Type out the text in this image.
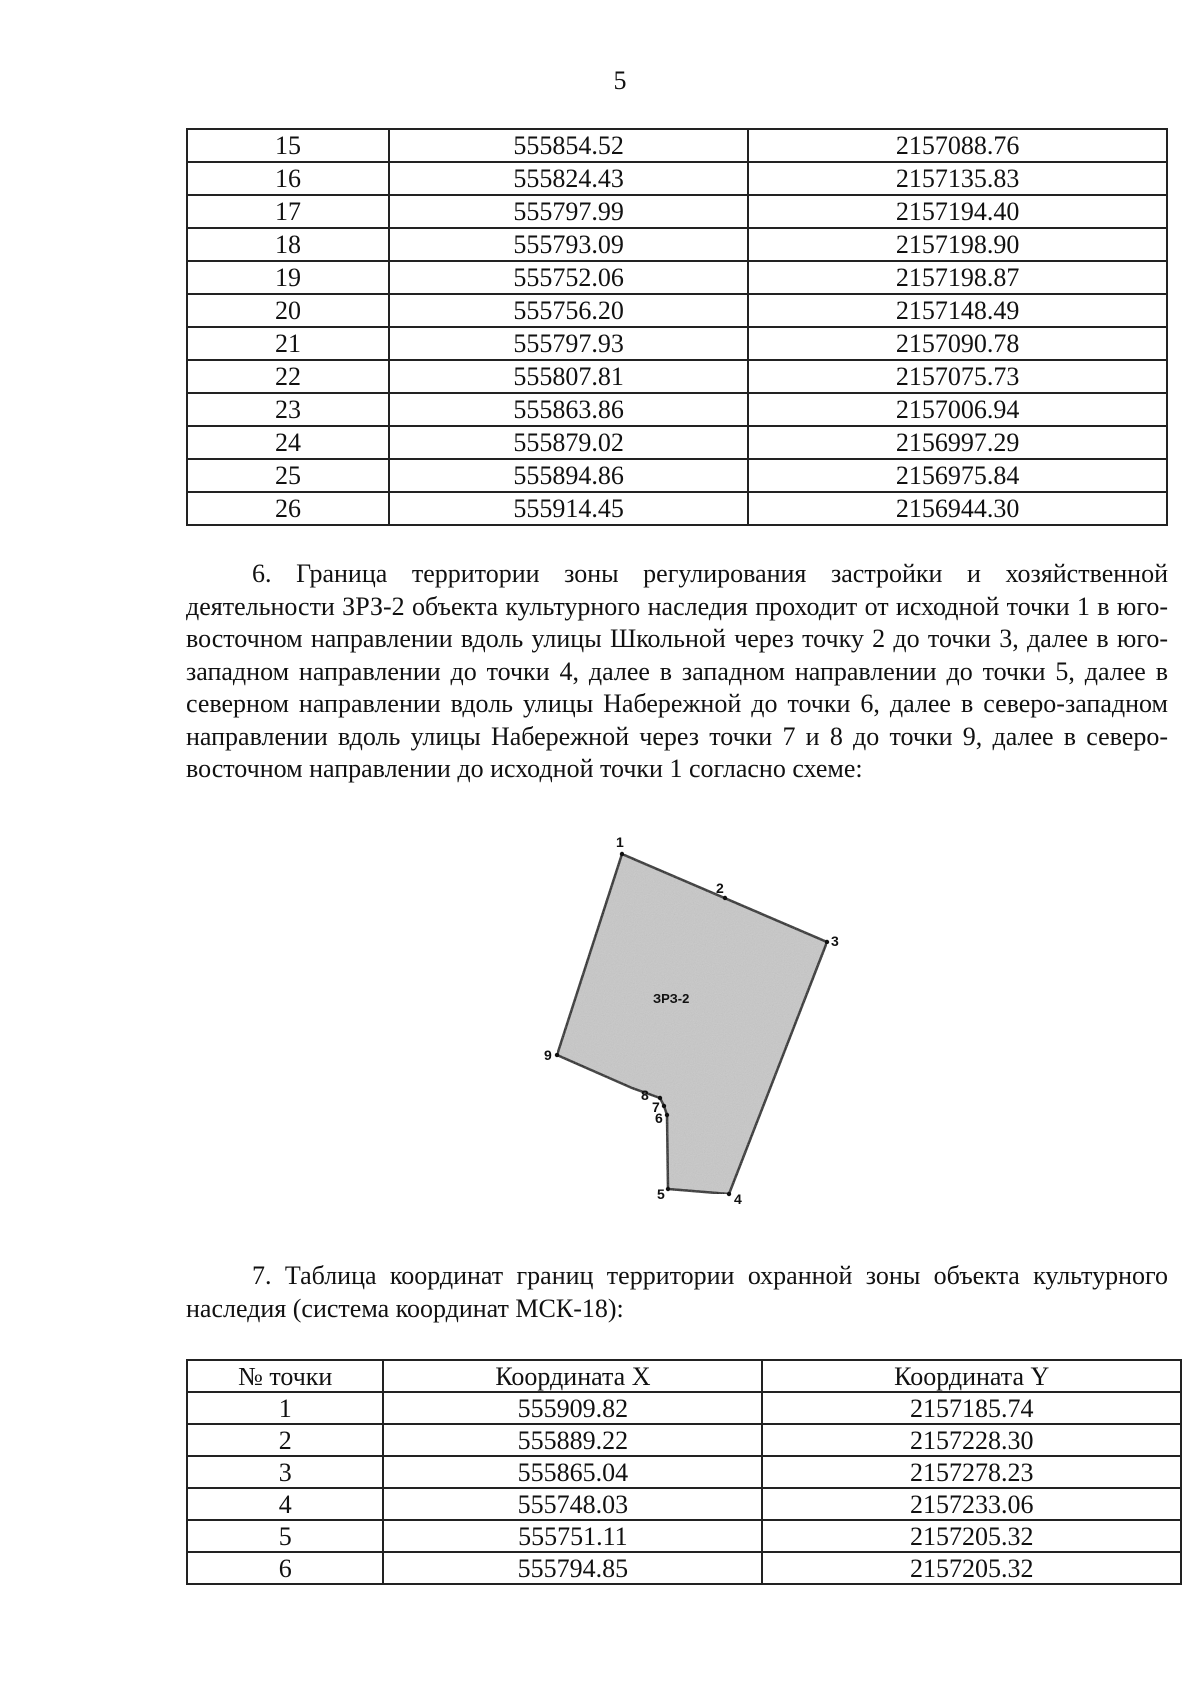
5
15	555854.52	2157088.76
16	555824.43	2157135.83
17	555797.99	2157194.40
18	555793.09	2157198.90
19	555752.06	2157198.87
20	555756.20	2157148.49
21	555797.93	2157090.78
22	555807.81	2157075.73
23	555863.86	2157006.94
24	555879.02	2156997.29
25	555894.86	2156975.84
26	555914.45	2156944.30

6. Граница территории зоны регулирования застройки и хозяйственной деятельности ЗРЗ-2 объекта культурного наследия проходит от исходной точки 1 в юго-восточном направлении вдоль улицы Школьной через точку 2 до точки 3, далее в юго-западном направлении до точки 4, далее в западном направлении до точки 5, далее в северном направлении вдоль улицы Набережной до точки 6, далее в северо-западном направлении вдоль улицы Набережной через точки 7 и 8 до точки 9, далее в северо-восточном направлении до исходной точки 1 согласно схеме:

1
2
3
4
5
6
7
8
9
ЗРЗ-2

7. Таблица координат границ территории охранной зоны объекта культурного наследия (система координат МСК-18):

№ точки	Координата X	Координата Y
1	555909.82	2157185.74
2	555889.22	2157228.30
3	555865.04	2157278.23
4	555748.03	2157233.06
5	555751.11	2157205.32
6	555794.85	2157205.32
